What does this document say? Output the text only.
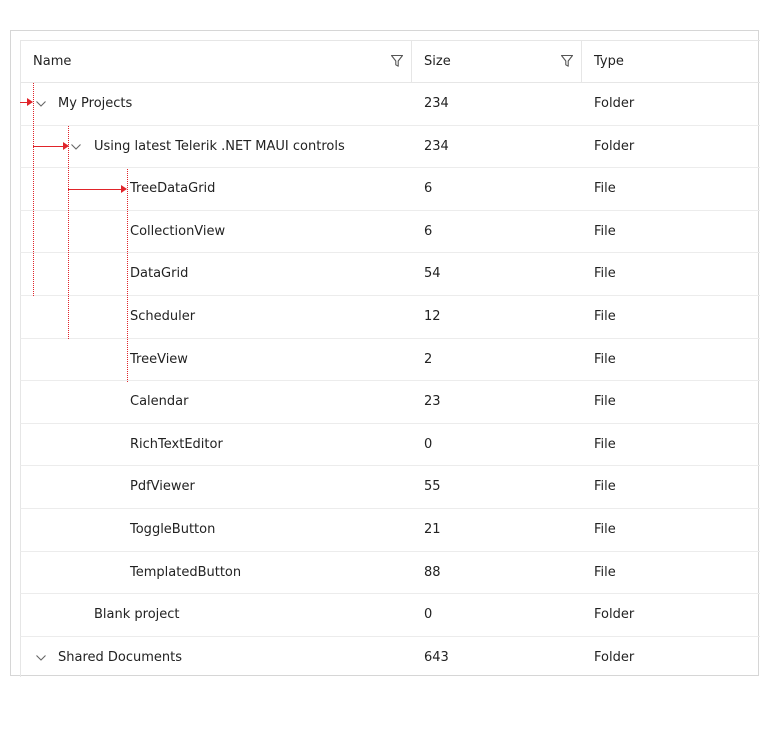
Name	Size	Type
My Projects	234	Folder
Using latest Telerik .NET MAUI controls	234	Folder
TreeDataGrid	6	File
CollectionView	6	File
DataGrid	54	File
Scheduler	12	File
TreeView	2	File
Calendar	23	File
RichTextEditor	0	File
PdfViewer	55	File
ToggleButton	21	File
TemplatedButton	88	File
Blank project	0	Folder
Shared Documents	643	Folder
